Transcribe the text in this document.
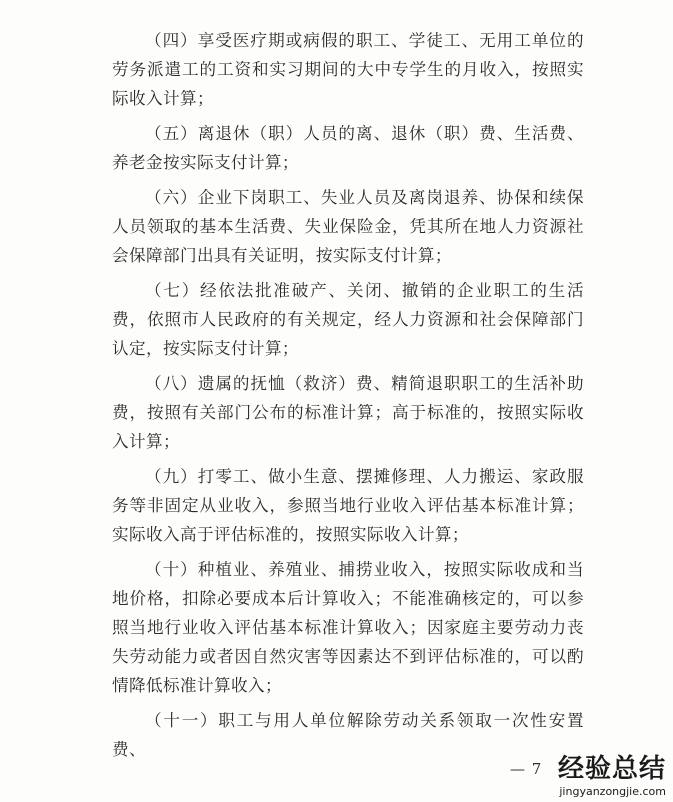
（四）享受医疗期或病假的职工、学徒工、无用工单位的劳务派遣工的工资和实习期间的大中专学生的月收入，按照实际收入计算；

（五）离退休（职）人员的离、退休（职）费、生活费、养老金按实际支付计算；

（六）企业下岗职工、失业人员及离岗退养、协保和续保人员领取的基本生活费、失业保险金，凭其所在地人力资源社会保障部门出具有关证明，按实际支付计算；

（七）经依法批准破产、关闭、撤销的企业职工的生活费，依照市人民政府的有关规定，经人力资源和社会保障部门认定，按实际支付计算；

（八）遗属的抚恤（救济）费、精简退职职工的生活补助费，按照有关部门公布的标准计算；高于标准的，按照实际收入计算；

（九）打零工、做小生意、摆摊修理、人力搬运、家政服务等非固定从业收入，参照当地行业收入评估基本标准计算；实际收入高于评估标准的，按照实际收入计算；

（十）种植业、养殖业、捕捞业收入，按照实际收成和当地价格，扣除必要成本后计算收入；不能准确核定的，可以参照当地行业收入评估基本标准计算收入；因家庭主要劳动力丧失劳动能力或者因自然灾害等因素达不到评估标准的，可以酌情降低标准计算收入；

（十一）职工与用人单位解除劳动关系领取一次性安置费、

— 7 经验总结
jingyanzongjie.com
